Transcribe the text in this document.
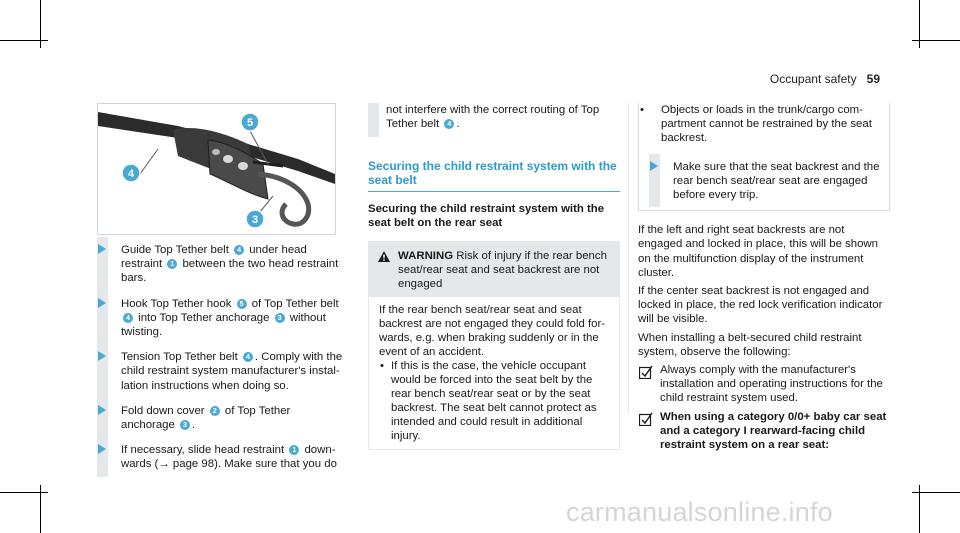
Occupant safety 59
5
4
3
Guide Top Tether belt 4 under head restraint 1 between the two head restraint bars.
Hook Top Tether hook 5 of Top Tether belt 4 into Top Tether anchorage 3 without twisting.
Tension Top Tether belt 4 . Comply with the child restraint system manufacturer's installation instructions when doing so.
Fold down cover 2 of Top Tether anchorage 3 .
If necessary, slide head restraint 1 downwards (→ page 98). Make sure that you do
not interfere with the correct routing of Top Tether belt 4 .
Securing the child restraint system with the seat belt
Securing the child restraint system with the seat belt on the rear seat
WARNING Risk of injury if the rear bench seat/rear seat and seat backrest are not engaged
If the rear bench seat/rear seat and seat backrest are not engaged they could fold forwards, e.g. when braking suddenly or in the event of an accident.
• If this is the case, the vehicle occupant would be forced into the seat belt by the rear bench seat/rear seat or by the seat backrest. The seat belt cannot protect as intended and could result in additional injury.
• Objects or loads in the trunk/cargo compartment cannot be restrained by the seat backrest.
Make sure that the seat backrest and the rear bench seat/rear seat are engaged before every trip.

If the left and right seat backrests are not engaged and locked in place, this will be shown on the multifunction display of the instrument cluster.

If the center seat backrest is not engaged and locked in place, the red lock verification indicator will be visible.

When installing a belt-secured child restraint system, observe the following:

Always comply with the manufacturer's installation and operating instructions for the child restraint system used.
When using a category 0/0+ baby car seat and a category I rearward-facing child restraint system on a rear seat:
carmanualsonline.info
